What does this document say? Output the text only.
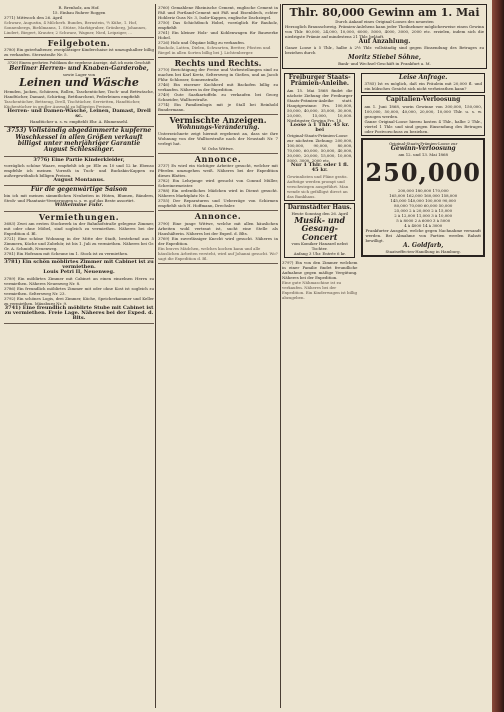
R. Brenholz, am Hof.

15. Einbau Ruhrer Roggen

3771) Mittwoch den 26. April

Schwarz, Augustin, 4 Milcherb. Bundes, Bernstein, ½ Kühe, 1. Hof, Sonnenbergs, Biehlmanns, 1. Stütze, Marktgruber, Grünberg, Johannes, Lindert, Biegert, Krauter, 2 Schwarz, Wagner, Nied, Leipziger, ...

Feilgeboten.

3780) Ein guterhaltener, zweiplätziger Kinderchaise ist umzugshalber billig zu verkaufen. Sternstraße Nr. 5.

3720) Einem geehrten Publikum die ergebene Anzeige, daß ich mein Geschäft

Berliner Herren- und Knaben-Garderobe,

sowie Lager von

Leinen und Wäsche

Hemden, Jacken, Schürzen, Rollen, Taschentücher, Tisch- und Bettwäsche, Handtücher, Damast, Schirting, Bettbarchent, Federleinen empfiehlt

Taschentücher, Bettzeug, Drell, Tischtücher, Servietten, Handtücher, Küchentücher in großer Auswahl zu billigsten Preisen.

Herren- und Damen-Wäsche, Leinen, Damast, Drell sc.

Handtücher u. s. w. empfiehlt Ehr. A. Blumensehl.

3753) Vollständig abgedämmerte kupferne Waschkessel in allen Größen verkauft billigst unter mehrjähriger Garantie

August Schlessinger.

3776) Eine Partie Kinderkleider,

vorzüglich schöne Waare, empfiehlt ich pr. Elle zu 10 und 12 kr. Ebenso empfehle ich meinen Vorrath in Tuch- und Buckskin-Kappen zu außergewöhnlich billigen Preisen.

August Montanus.

Für die gegenwärtige Saison

bin ich mit meinen sämmtlichen Neuheiten in Hüten, Blumen, Bändern, Stroh- und Phantasie-Verzierungen u. s. w. auf das Beste assortirt.

Wilhelmine Fuhr.

Vermiethungen.

3683) Zwei am ersten Stockwerk in der Bahnhofstraße gelegene Zimmer, mit oder ohne Möbel, sind sogleich zu vermiethen. Näheres bei der Expedition d. Bl.

3721) Eine schöne Wohnung in der Mitte der Stadt, bestehend aus 5 Zimmern, Küche und Zubehör, ist bis 1. Juli zu vermiethen. Näheres bei Gr. Gr. A. Schmidt, Neuenweg.

3781) Ein Hofraum mit Scheune im 1. Stock ist zu vermiethen.

3781) Ein schön möblirtes Zimmer mit Cabinet ist zu vermiethen.

Louis Petri II, Neuenweg.

3789) Ein möblirtes Zimmer mit Cabinet an einen einzelnen Herrn zu vermiethen. Näheres Neuenweg Nr. 8.

3786) Ein freundlich möblirtes Zimmer mit oder ohne Kost ist sogleich zu vermiethen. Seltersweg Nr. 23.

3792) Ein schönes Logis, drei Zimmer, Küche, Speicherkammer und Keller zu vermiethen. Mäusburg Nr. 9.

3741) Eine freundlich möblirte Stube mit Cabinet ist zu vermiethen. Freie Lage. Näheres bei der Exped. d. Blts.

3760) Gemahlene Rheinische Cement, englische Cement in Fäß und Portland-Cement mit Fäß und Eisenblech, echter Hohleriz Guss Nr. 3, Isolir-Kappen, englische Dachziegel.

3750) Das Schichtbuch Hobel, vorzüglich für Bauholz, empfiehlt

3761) Ein kleiner Holz- und Kohlenwagen für Bauwerke Hobel.

3726) Holz und Ölspäne billig zu verkaufen.

Bauholz, Latten, Dielen, Schwarten, Bretter, Pfosten und Riegel in allen Sorten billig bei J. Lichtenberger.

Rechts und Rechts.

3770) Berichtigung der Preise und Vorbestellungen sind zu machen bei Karl Kretz, Seltersweg in Gießen, und an Jacob Fhhr. Schlosser, Sonnenstraße.

3746) Ein eiserner Kochherd mit Backofen billig zu verkaufen. Näheres in der Expedition.

3749) Gute Saatkartoffeln zu verkaufen bei Georg Schneider, Walltorstraße.

3774) Ein Familienlogis mit je Stall bei Reinhold Bundermann.

Vermischte Anzeigen.

Wohnungs-Veränderung.

Unterzeichnete zeigt hiermit ergebenst an, dass sie ihre Wohnung von der Walltorstraße nach der Neustadt Nr. 7 verlegt hat.

W. Ochs Wittwe.

Annonce.

3737) Es wird ein tüchtiger Arbeiter gesucht, welcher mit Pferden umzugehen weiß. Näheres bei der Expedition dieses Blattes.

3782) Ein Lehrjunge wird gesucht von Conrad Müller, Schreinermeister.

3788) Ein ordentliches Mädchen wird in Dienst gesucht. Näheres Marktplatz Nr. 4.

3755) Der Reparaturen und Ueberzüge von Schirmen empfiehlt sich H. Hoffmann, Drechsler.

Annonce.

3790) Eine junge Wittwe, welche mit allen häuslichen Arbeiten wohl vertraut ist, sucht eine Stelle als Haushälterin. Näheres bei der Exped. d. Blts.

3769) Ein zuverlässiger Knecht wird gesucht. Näheres in der Expedition.

Ein braves Mädchen, welches kochen kann und alle häuslichen Arbeiten versteht, wird auf Johanni gesucht. Wo? sagt die Expedition d. Bl.

Thlr. 80,000 Gewinn am 1. Mai

Durch Ankauf eines Original-Looses des neuesten

Herzoglich Braunschweig. Prämien-Anlehens kann jeder Theilnehmer möglicherweise einen Gewinn von Thlr. 80,000, 24,000, 10,000, 6000, 5000, 4000, 3000, 2000 etc. erzielen, indem sich die niedrigste Prämie auf mindestens 21 Thlr. beläuft.

Auf Anzahlung.

Ganze Loose à 5 Thlr., halbe à 2½ Thlr. vollständig sind gegen Einsendung des Betrages zu beziehen durch

Moritz Stiebel Söhne,

Bank- und Wechsel-Geschäft in Frankfurt a. M.

Freiburger Staats-Prämien-Anleihe.

Am 15. Mai 1868 findet die nächste Ziehung der Freiburger Staats-Prämien-Anleihe statt. Hauptgewinne: Frs. 100,000, 50,000, 40,000, 35,000, 30,000, 20,000, 15,000, 10,000. Niedrigster Gewinn Frs. 18.

Loose à 1 Thlr. 45 kr. bei

Original-Staats-Prämien-Loose zur nächsten Ziehung: 200,000, 100,000, 90,000, 80,000, 70,000, 60,000, 50,000, 40,000, 30,000, 20,000, 15,000, 10,000, 5000, 3000, 2000 etc.

Nur 1 Thlr. oder 1 fl. 45 kr.

Gewinnlisten und Pläne gratis. Aufträge werden prompt und verschwiegen ausgeführt. Man wende sich gefälligst direct an das Bankhaus.

Darmstädter Haus.

Heute Sonntag den 26. April

Musik- und Gesang-

Concert

vom Komiker Hanzard nebst Tochter.

Anfang 3 Uhr. Entrée 6 kr.

3797) Ein von den Zimmer welchem in einer Familie findet freundliche Aufnahme gegen mäßige Vergütung. Näheres bei der Expedition.

Eine gute Nähmaschine ist zu verkaufen. Näheres bei der Expedition. Ein Kinderwagen ist billig abzugeben.

Leise Anfrage.

3785) Ist es möglich, daß ein Fräulein mit 20,000 fl. und ein hübsches Gesicht sich nicht verheirathen kann?

Capitalien-Verloosung

am 1. Juni 1868, worin Gewinne von 300,000, 150,000, 100,000, 50,000, 40,000, 20,000, 10,000 Thlr. u. s. w. gezogen werden.

Ganze Original-Loose hierzu kosten 4 Thlr., halbe 2 Thlr., viertel 1 Thlr. und sind gegen Einsendung des Betrages oder Postvorschuss zu beziehen.

Original-Staats-Prämien-Loose zur

Gewinn-Verloosung

am 12. und 13. Mai 1868

250,000

200,000 180,000 170,000

165,000 162,000 160,000 158,000

145,000 140,000 100,000 90,000

80,000 70,000 60,000 50,000

25,000 2 à 20,000 2 à 15,000

2 à 12,000 11,000 3 à 10,000

5 à 8000 2 à 6000 3 à 5000

4 à 4000 14 à 3000

Frankfurter Ausgabe, welche gegen Nachnahme versandt werden. Bei Abnahme von Partien werden Rabatt bewilligt.

A. Goldfarb,

Staatseffecten-Handlung in Hamburg.
